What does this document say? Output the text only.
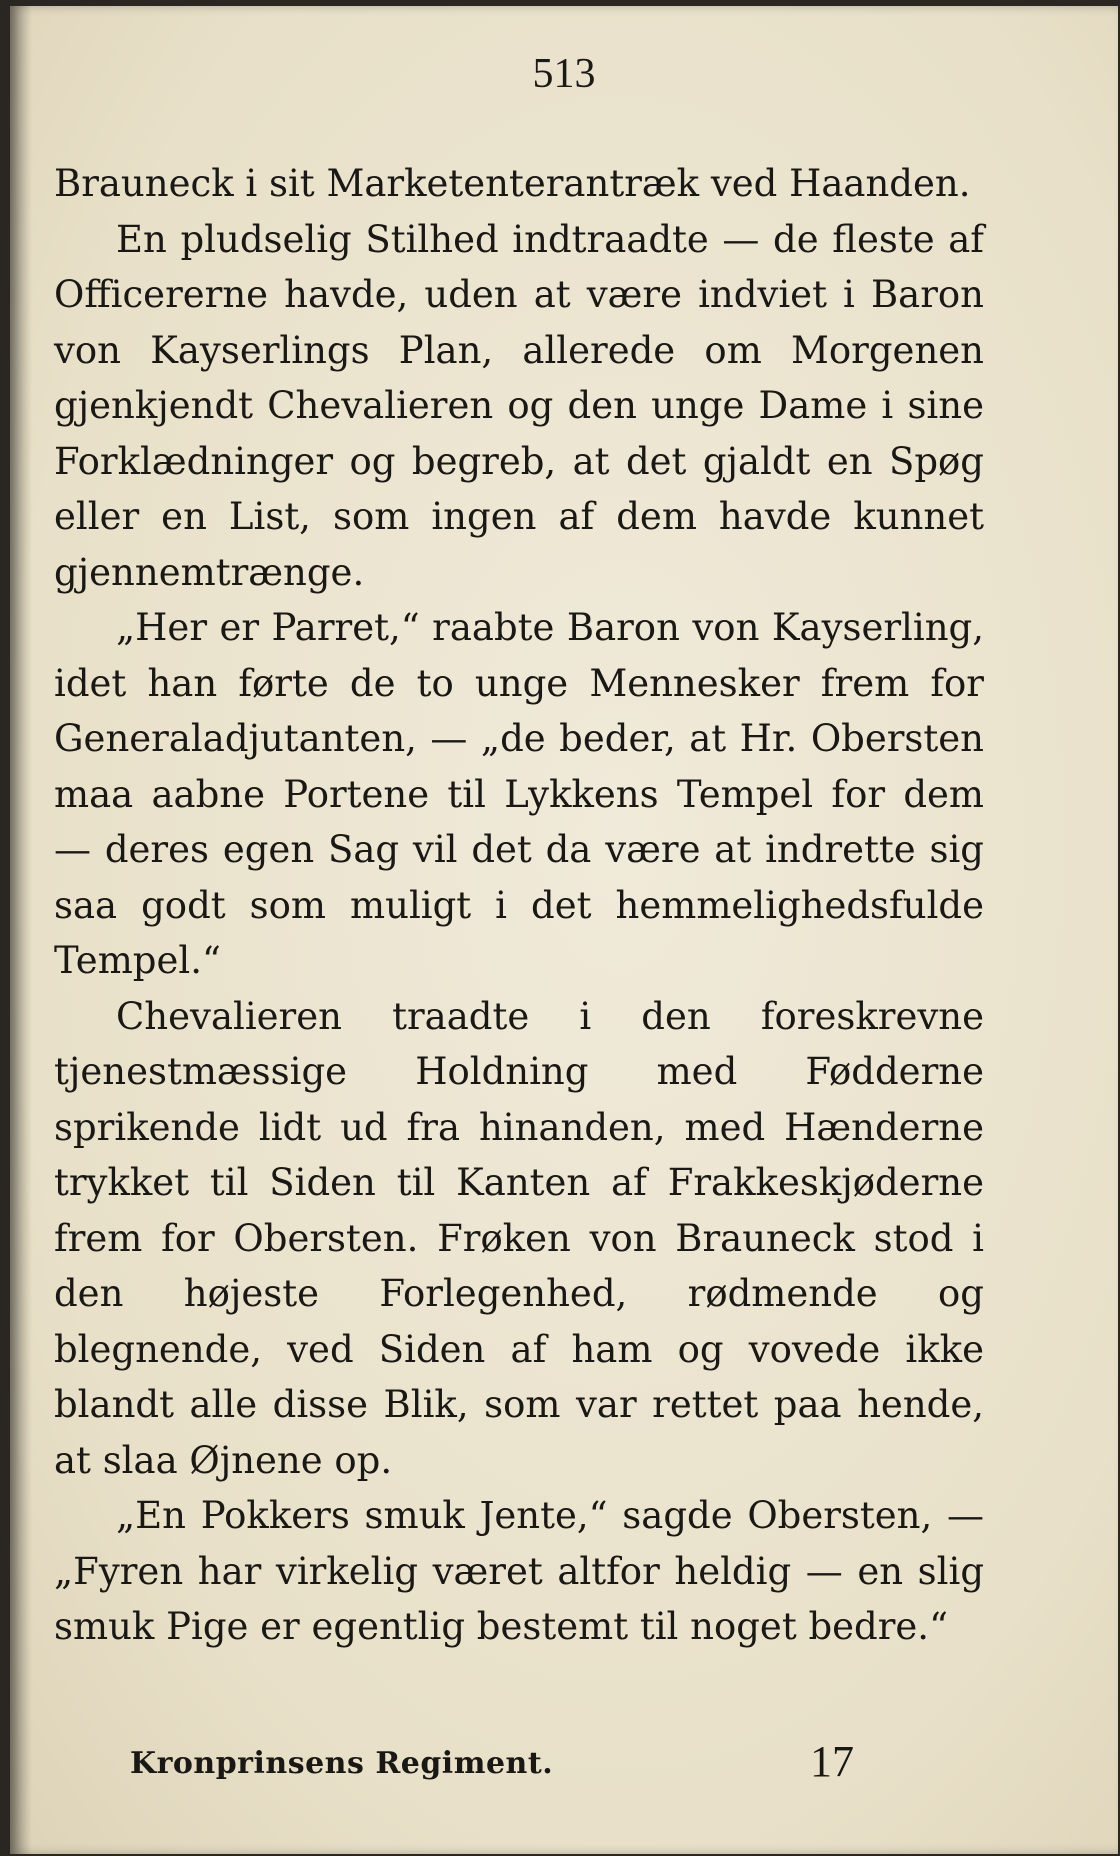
513

Brauneck i sit Marketenterantræk ved Haanden.

En pludselig Stilhed indtraadte — de fleste af Officererne havde, uden at være indviet i Baron von Kayserlings Plan, allerede om Morgenen gjenkjendt Chevalieren og den unge Dame i sine Forklædninger og begreb, at det gjaldt en Spøg eller en List, som ingen af dem havde kunnet gjennemtrænge.

„Her er Parret,“ raabte Baron von Kayserling, idet han førte de to unge Mennesker frem for Generaladjutanten, — „de beder, at Hr. Obersten maa aabne Portene til Lykkens Tempel for dem — deres egen Sag vil det da være at indrette sig saa godt som muligt i det hemmelighedsfulde Tempel.“

Chevalieren traadte i den foreskrevne tjenestmæssige Holdning med Fødderne sprikende lidt ud fra hinanden, med Hænderne trykket til Siden til Kanten af Frakkeskjøderne frem for Obersten. Frøken von Brauneck stod i den højeste Forlegenhed, rødmende og blegnende, ved Siden af ham og vovede ikke blandt alle disse Blik, som var rettet paa hende, at slaa Øjnene op.

„En Pokkers smuk Jente,“ sagde Obersten, — „Fyren har virkelig været altfor heldig — en slig smuk Pige er egentlig bestemt til noget bedre.“

Kronprinsens Regiment.	17
